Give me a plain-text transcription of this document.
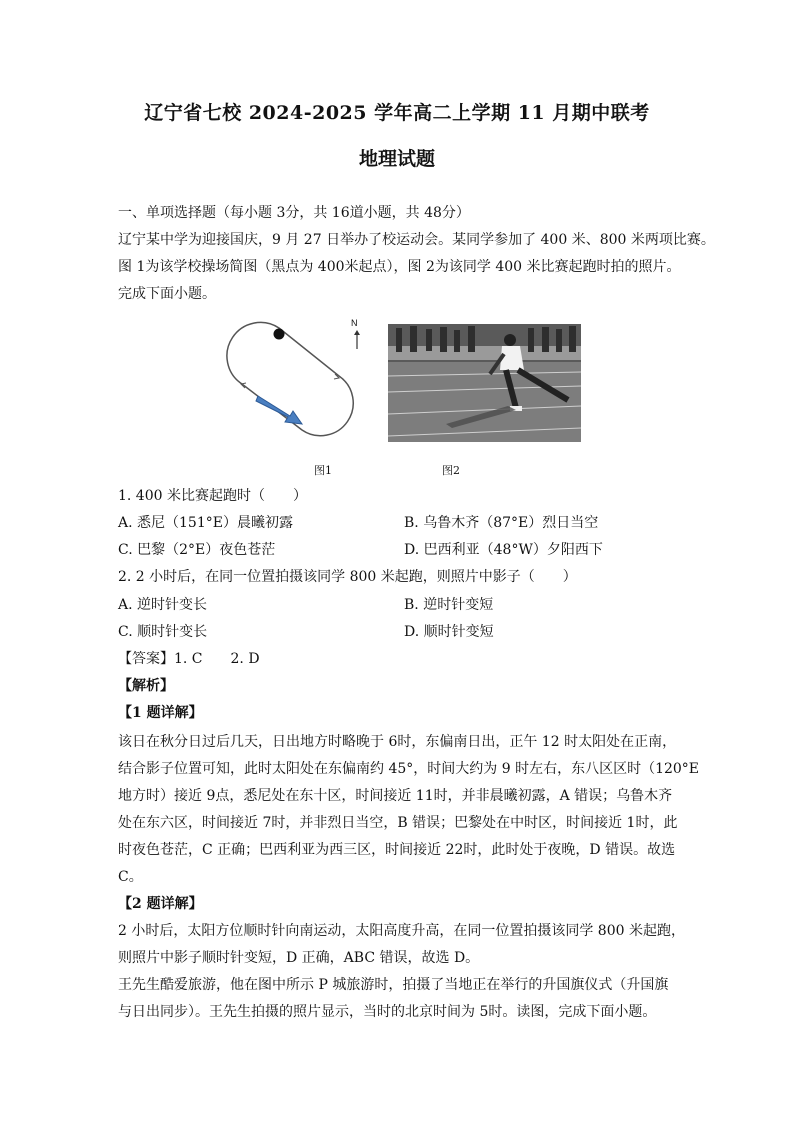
辽宁省七校 2024-2025 学年高二上学期 11 月期中联考
地理试题
一、单项选择题（每小题 3分，共 16道小题，共 48分）
辽宁某中学为迎接国庆，9 月 27 日举办了校运动会。某同学参加了 400 米、800 米两项比赛。
图 1为该学校操场简图（黑点为 400米起点），图 2为该同学 400 米比赛起跑时拍的照片。
完成下面小题。
N
图1	图2
1. 400 米比赛起跑时（　　）
A. 悉尼（151°E）晨曦初露	B. 乌鲁木齐（87°E）烈日当空
C. 巴黎（2°E）夜色苍茫	D. 巴西利亚（48°W）夕阳西下
2. 2 小时后，在同一位置拍摄该同学 800 米起跑，则照片中影子（　　）
A. 逆时针变长	B. 逆时针变短
C. 顺时针变长	D. 顺时针变短
【答案】1. C　　2. D
【解析】
【1 题详解】
该日在秋分日过后几天，日出地方时略晚于 6时，东偏南日出，正午 12 时太阳处在正南，
结合影子位置可知，此时太阳处在东偏南约 45°，时间大约为 9 时左右，东八区区时（120°E
地方时）接近 9点，悉尼处在东十区，时间接近 11时，并非晨曦初露，A 错误；乌鲁木齐
处在东六区，时间接近 7时，并非烈日当空，B 错误；巴黎处在中时区，时间接近 1时，此
时夜色苍茫，C 正确；巴西利亚为西三区，时间接近 22时，此时处于夜晚，D 错误。故选
C。
【2 题详解】
2 小时后，太阳方位顺时针向南运动，太阳高度升高，在同一位置拍摄该同学 800 米起跑，
则照片中影子顺时针变短，D 正确，ABC 错误，故选 D。
王先生酷爱旅游，他在图中所示 P 城旅游时，拍摄了当地正在举行的升国旗仪式（升国旗
与日出同步）。王先生拍摄的照片显示，当时的北京时间为 5时。读图，完成下面小题。
